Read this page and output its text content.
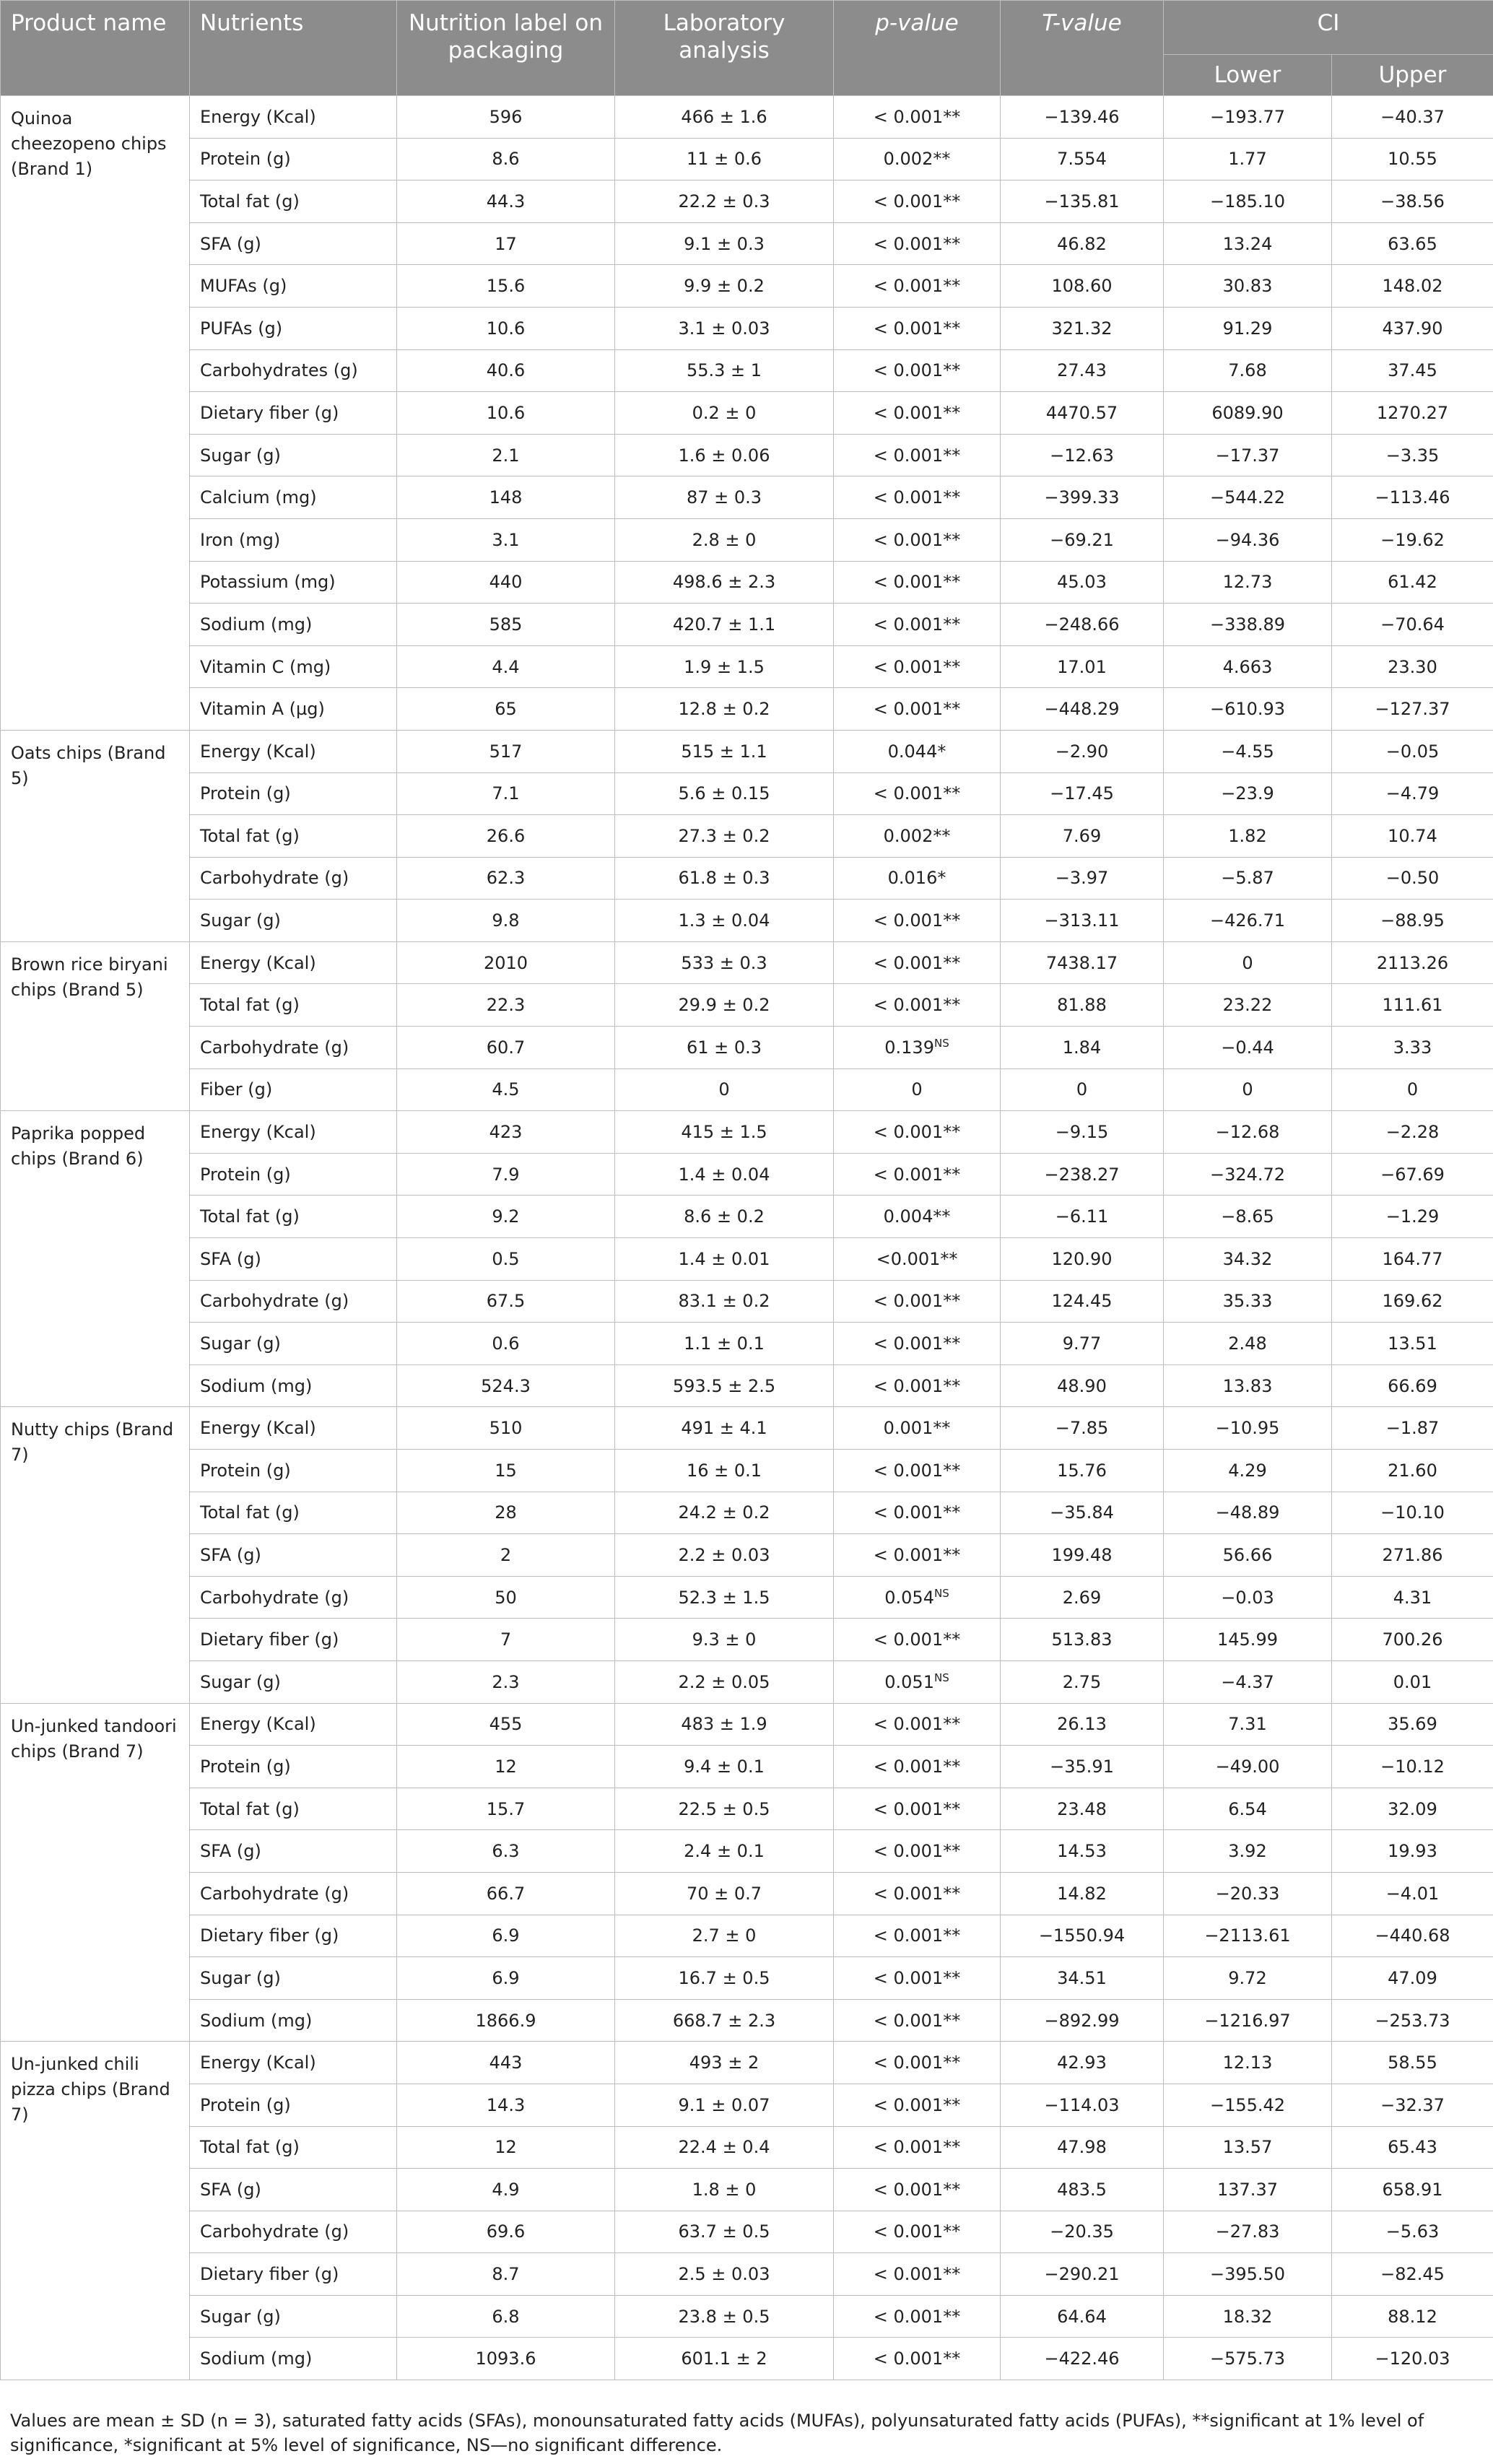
Product name	Nutrients	Nutrition label on packaging	Laboratory analysis	p-value	T-value	CI	
						Lower	Upper
Quinoa cheezopeno chips (Brand 1)	Energy (Kcal)	596	466 ± 1.6	< 0.001**	−139.46	−193.77	−40.37
	Protein (g)	8.6	11 ± 0.6	0.002**	7.554	1.77	10.55
	Total fat (g)	44.3	22.2 ± 0.3	< 0.001**	−135.81	−185.10	−38.56
	SFA (g)	17	9.1 ± 0.3	< 0.001**	46.82	13.24	63.65
	MUFAs (g)	15.6	9.9 ± 0.2	< 0.001**	108.60	30.83	148.02
	PUFAs (g)	10.6	3.1 ± 0.03	< 0.001**	321.32	91.29	437.90
	Carbohydrates (g)	40.6	55.3 ± 1	< 0.001**	27.43	7.68	37.45
	Dietary fiber (g)	10.6	0.2 ± 0	< 0.001**	4470.57	6089.90	1270.27
	Sugar (g)	2.1	1.6 ± 0.06	< 0.001**	−12.63	−17.37	−3.35
	Calcium (mg)	148	87 ± 0.3	< 0.001**	−399.33	−544.22	−113.46
	Iron (mg)	3.1	2.8 ± 0	< 0.001**	−69.21	−94.36	−19.62
	Potassium (mg)	440	498.6 ± 2.3	< 0.001**	45.03	12.73	61.42
	Sodium (mg)	585	420.7 ± 1.1	< 0.001**	−248.66	−338.89	−70.64
	Vitamin C (mg)	4.4	1.9 ± 1.5	< 0.001**	17.01	4.663	23.30
	Vitamin A (µg)	65	12.8 ± 0.2	< 0.001**	−448.29	−610.93	−127.37
Oats chips (Brand 5)	Energy (Kcal)	517	515 ± 1.1	0.044*	−2.90	−4.55	−0.05
	Protein (g)	7.1	5.6 ± 0.15	< 0.001**	−17.45	−23.9	−4.79
	Total fat (g)	26.6	27.3 ± 0.2	0.002**	7.69	1.82	10.74
	Carbohydrate (g)	62.3	61.8 ± 0.3	0.016*	−3.97	−5.87	−0.50
	Sugar (g)	9.8	1.3 ± 0.04	< 0.001**	−313.11	−426.71	−88.95
Brown rice biryani chips (Brand 5)	Energy (Kcal)	2010	533 ± 0.3	< 0.001**	7438.17	0	2113.26
	Total fat (g)	22.3	29.9 ± 0.2	< 0.001**	81.88	23.22	111.61
	Carbohydrate (g)	60.7	61 ± 0.3	$0.139^{NS}$	1.84	−0.44	3.33
	Fiber (g)	4.5	0	0	0	0	0
Paprika popped chips (Brand 6)	Energy (Kcal)	423	415 ± 1.5	< 0.001**	−9.15	−12.68	−2.28
	Protein (g)	7.9	1.4 ± 0.04	< 0.001**	−238.27	−324.72	−67.69
	Total fat (g)	9.2	8.6 ± 0.2	0.004**	−6.11	−8.65	−1.29
	SFA (g)	0.5	1.4 ± 0.01	<0.001**	120.90	34.32	164.77
	Carbohydrate (g)	67.5	83.1 ± 0.2	< 0.001**	124.45	35.33	169.62
	Sugar (g)	0.6	1.1 ± 0.1	< 0.001**	9.77	2.48	13.51
	Sodium (mg)	524.3	593.5 ± 2.5	< 0.001**	48.90	13.83	66.69
Nutty chips (Brand 7)	Energy (Kcal)	510	491 ± 4.1	0.001**	−7.85	−10.95	−1.87
	Protein (g)	15	16 ± 0.1	< 0.001**	15.76	4.29	21.60
	Total fat (g)	28	24.2 ± 0.2	< 0.001**	−35.84	−48.89	−10.10
	SFA (g)	2	2.2 ± 0.03	< 0.001**	199.48	56.66	271.86
	Carbohydrate (g)	50	52.3 ± 1.5	$0.054^{NS}$	2.69	−0.03	4.31
	Dietary fiber (g)	7	9.3 ± 0	< 0.001**	513.83	145.99	700.26
	Sugar (g)	2.3	2.2 ± 0.05	$0.051^{NS}$	2.75	−4.37	0.01
Un-junked tandoori chips (Brand 7)	Energy (Kcal)	455	483 ± 1.9	< 0.001**	26.13	7.31	35.69
	Protein (g)	12	9.4 ± 0.1	< 0.001**	−35.91	−49.00	−10.12
	Total fat (g)	15.7	22.5 ± 0.5	< 0.001**	23.48	6.54	32.09
	SFA (g)	6.3	2.4 ± 0.1	< 0.001**	14.53	3.92	19.93
	Carbohydrate (g)	66.7	70 ± 0.7	< 0.001**	14.82	−20.33	−4.01
	Dietary fiber (g)	6.9	2.7 ± 0	< 0.001**	−1550.94	−2113.61	−440.68
	Sugar (g)	6.9	16.7 ± 0.5	< 0.001**	34.51	9.72	47.09
	Sodium (mg)	1866.9	668.7 ± 2.3	< 0.001**	−892.99	−1216.97	−253.73
Un-junked chili pizza chips (Brand 7)	Energy (Kcal)	443	493 ± 2	< 0.001**	42.93	12.13	58.55
	Protein (g)	14.3	9.1 ± 0.07	< 0.001**	−114.03	−155.42	−32.37
	Total fat (g)	12	22.4 ± 0.4	< 0.001**	47.98	13.57	65.43
	SFA (g)	4.9	1.8 ± 0	< 0.001**	483.5	137.37	658.91
	Carbohydrate (g)	69.6	63.7 ± 0.5	< 0.001**	−20.35	−27.83	−5.63
	Dietary fiber (g)	8.7	2.5 ± 0.03	< 0.001**	−290.21	−395.50	−82.45
	Sugar (g)	6.8	23.8 ± 0.5	< 0.001**	64.64	18.32	88.12
	Sodium (mg)	1093.6	601.1 ± 2	< 0.001**	−422.46	−575.73	−120.03
Values are mean ± SD (n = 3), saturated fatty acids (SFAs), monounsaturated fatty acids (MUFAs), polyunsaturated fatty acids (PUFAs), **significant at 1% level of significance, *significant at 5% level of significance, NS—no significant difference.
